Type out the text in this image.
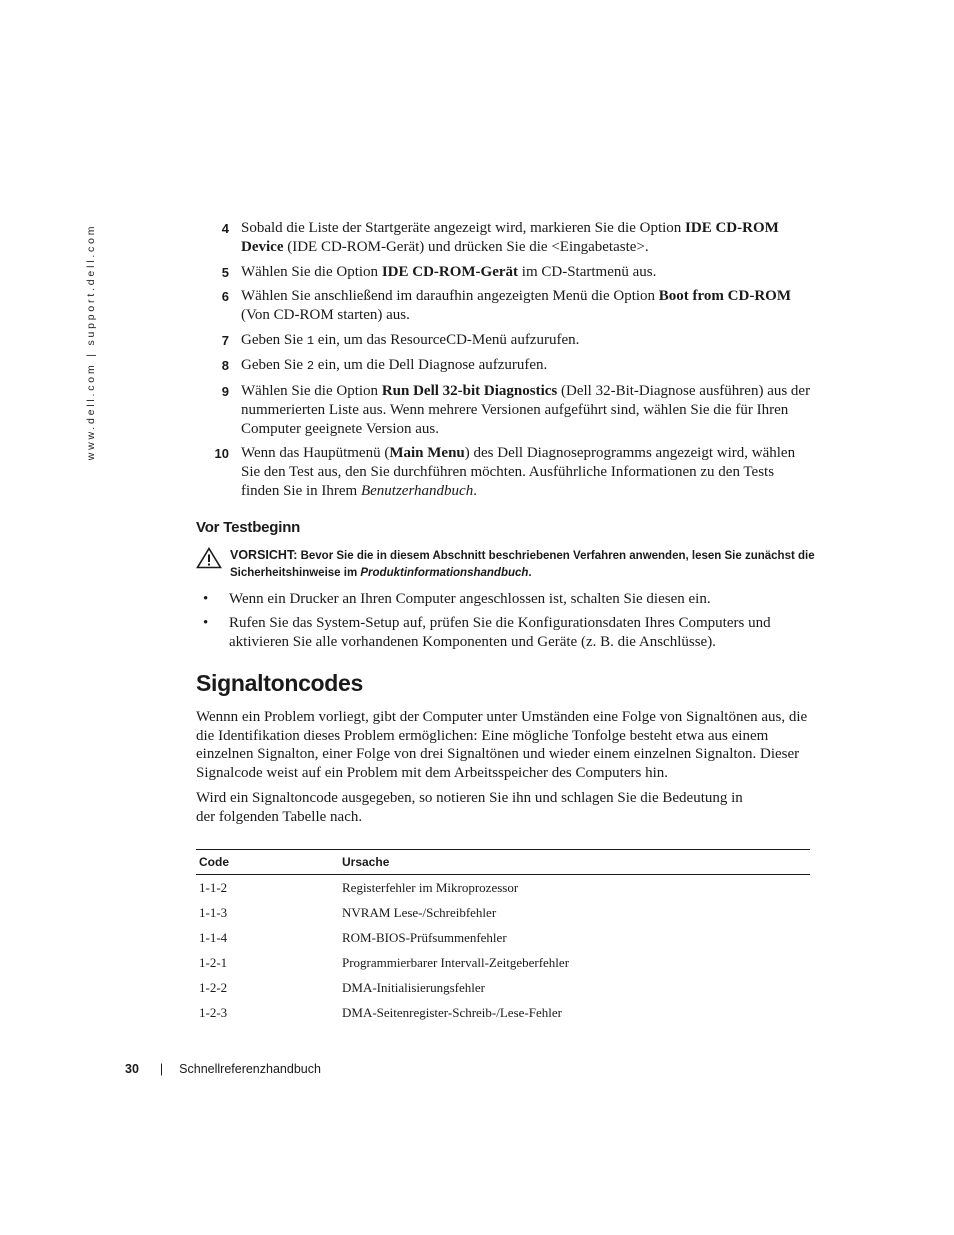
www.dell.com | support.dell.com	4 Sobald die Liste der Startgeräte angezeigt wird, markieren Sie die Option IDE CD-ROM Device (IDE CD-ROM-Gerät) und drücken Sie die <Eingabetaste>.
5 Wählen Sie die Option IDE CD-ROM-Gerät im CD-Startmenü aus.
6 Wählen Sie anschließend im daraufhin angezeigten Menü die Option Boot from CD-ROM (Von CD-ROM starten) aus.
7 Geben Sie 1 ein, um das ResourceCD-Menü aufzurufen.
8 Geben Sie 2 ein, um die Dell Diagnose aufzurufen.
9 Wählen Sie die Option Run Dell 32-bit Diagnostics (Dell 32-Bit-Diagnose ausführen) aus der nummerierten Liste aus. Wenn mehrere Versionen aufgeführt sind, wählen Sie die für Ihren Computer geeignete Version aus.
10 Wenn das Haupütmenü (Main Menu) des Dell Diagnoseprogramms angezeigt wird, wählen Sie den Test aus, den Sie durchführen möchten. Ausführliche Informationen zu den Tests finden Sie in Ihrem Benutzerhandbuch.
Vor Testbeginn
VORSICHT: Bevor Sie die in diesem Abschnitt beschriebenen Verfahren anwenden, lesen Sie zunächst die Sicherheitshinweise im Produktinformationshandbuch.
•	Wenn ein Drucker an Ihren Computer angeschlossen ist, schalten Sie diesen ein.
•	Rufen Sie das System-Setup auf, prüfen Sie die Konfigurationsdaten Ihres Computers und aktivieren Sie alle vorhandenen Komponenten und Geräte (z. B. die Anschlüsse).
Signaltoncodes

Wennn ein Problem vorliegt, gibt der Computer unter Umständen eine Folge von Signaltönen aus, die die Identifikation dieses Problem ermöglichen: Eine mögliche Tonfolge besteht etwa aus einem einzelnen Signalton, einer Folge von drei Signaltönen und wieder einem einzelnen Signalton. Dieser Signalcode weist auf ein Problem mit dem Arbeitsspeicher des Computers hin.

Wird ein Signaltoncode ausgegeben, so notieren Sie ihn und schlagen Sie die Bedeutung in der folgenden Tabelle nach.

Code	Ursache
1-1-2	Registerfehler im Mikroprozessor
1-1-3	NVRAM Lese-/Schreibfehler
1-1-4	ROM-BIOS-Prüfsummenfehler
1-2-1	Programmierbarer Intervall-Zeitgeberfehler
1-2-2	DMA-Initialisierungsfehler
1-2-3	DMA-Seitenregister-Schreib-/Lese-Fehler
30 | Schnellreferenzhandbuch
